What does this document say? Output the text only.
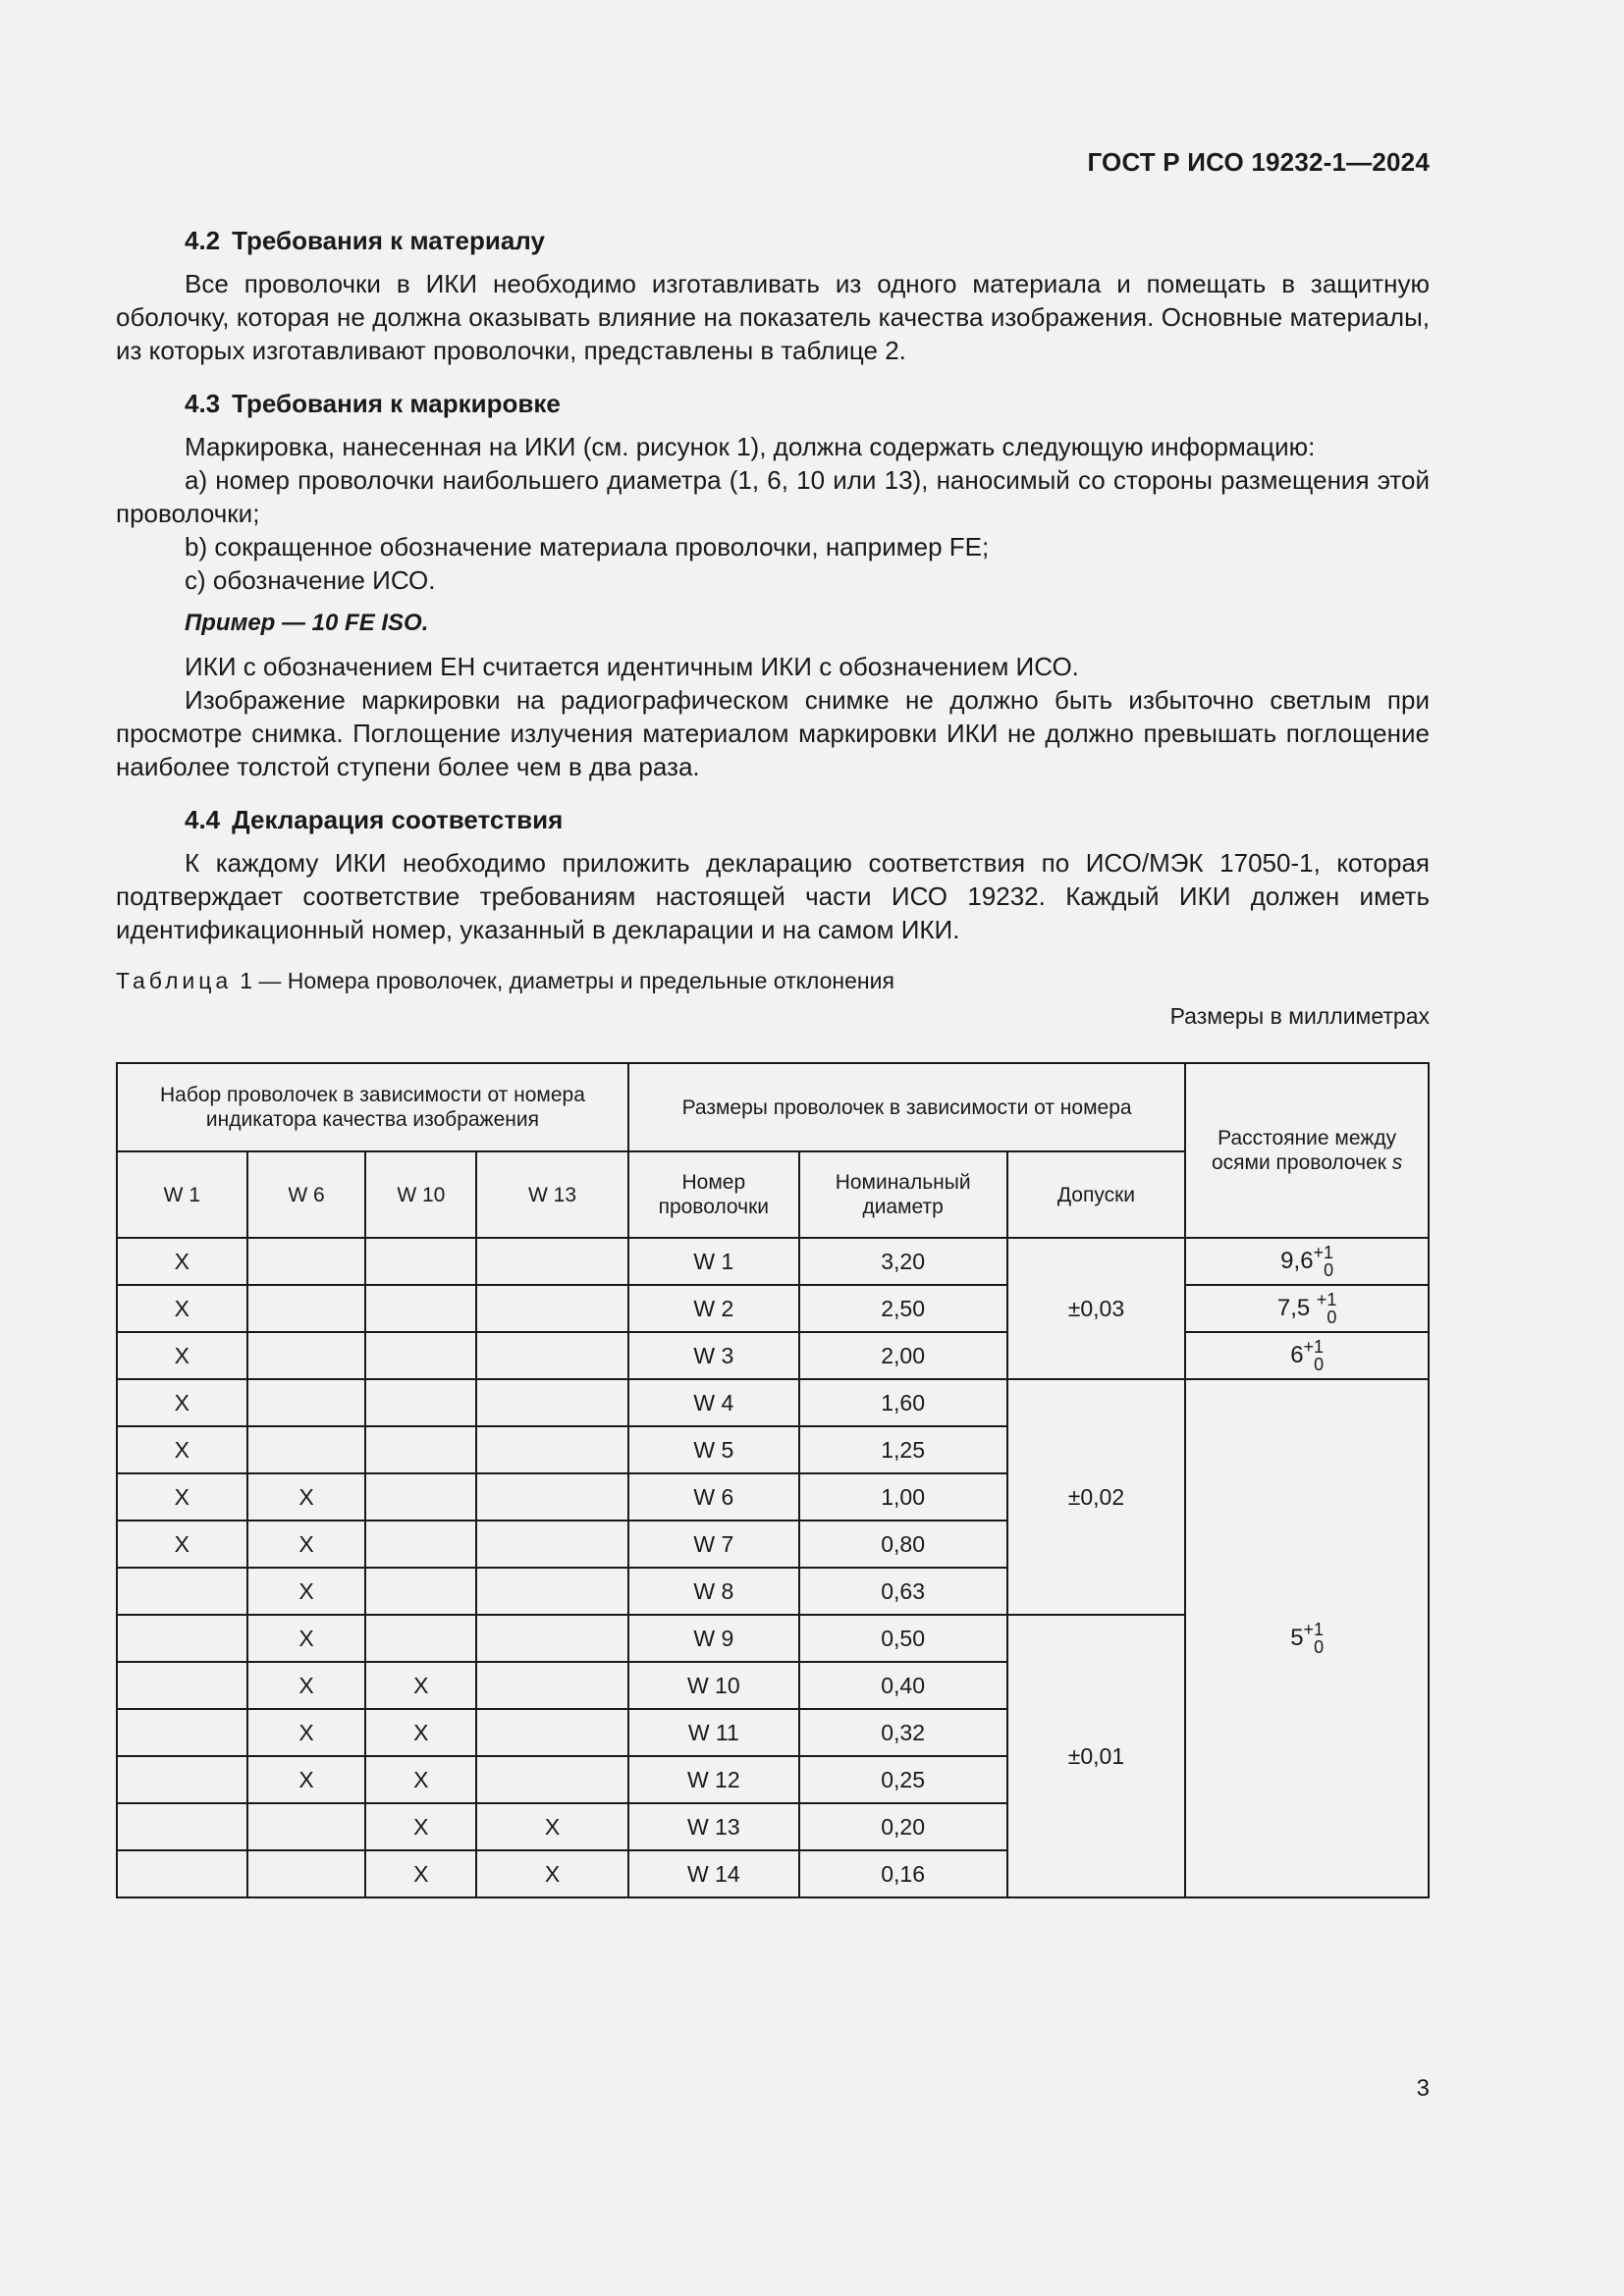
ГОСТ Р ИСО 19232-1—2024
4.2 Требования к материалу

Все проволочки в ИКИ необходимо изготавливать из одного материала и помещать в защитную оболочку, которая не должна оказывать влияние на показатель качества изображения. Основные материалы, из которых изготавливают проволочки, представлены в таблице 2.

4.3 Требования к маркировке

Маркировка, нанесенная на ИКИ (см. рисунок 1), должна содержать следующую информацию:

a) номер проволочки наибольшего диаметра (1, 6, 10 или 13), наносимый со стороны размещения этой проволочки;

b) сокращенное обозначение материала проволочки, например FE;

c) обозначение ИСО.

Пример — 10 FE ISO.

ИКИ с обозначением ЕН считается идентичным ИКИ с обозначением ИСО.

Изображение маркировки на радиографическом снимке не должно быть избыточно светлым при просмотре снимка. Поглощение излучения материалом маркировки ИКИ не должно превышать поглощение наиболее толстой ступени более чем в два раза.

4.4 Декларация соответствия

К каждому ИКИ необходимо приложить декларацию соответствия по ИСО/МЭК 17050-1, которая подтверждает соответствие требованиям настоящей части ИСО 19232. Каждый ИКИ должен иметь идентификационный номер, указанный в декларации и на самом ИКИ.

Таблица 1 — Номера проволочек, диаметры и предельные отклонения
Размеры в миллиметрах
Набор проволочек в зависимости от номера индикатора качества изображения				Размеры проволочек в зависимости от номера			Расстояние между осями проволочек s
W 1	W 6	W 10	W 13	Номер проволочки	Номинальный диаметр	Допуски	
X				W 1	3,20	±0,03	$9,6^{+1}_0$
X				W 2	2,50		7,5 $^{+1}_0$
X				W 3	2,00		$6^{+1}_0$
X				W 4	1,60	±0,02	$5^{+1}_0$
X				W 5	1,25		
X	X			W 6	1,00		
X	X			W 7	0,80		
	X			W 8	0,63		
	X			W 9	0,50	±0,01	
	X	X		W 10	0,40		
	X	X		W 11	0,32		
	X	X		W 12	0,25		
		X	X	W 13	0,20		
		X	X	W 14	0,16		
3
